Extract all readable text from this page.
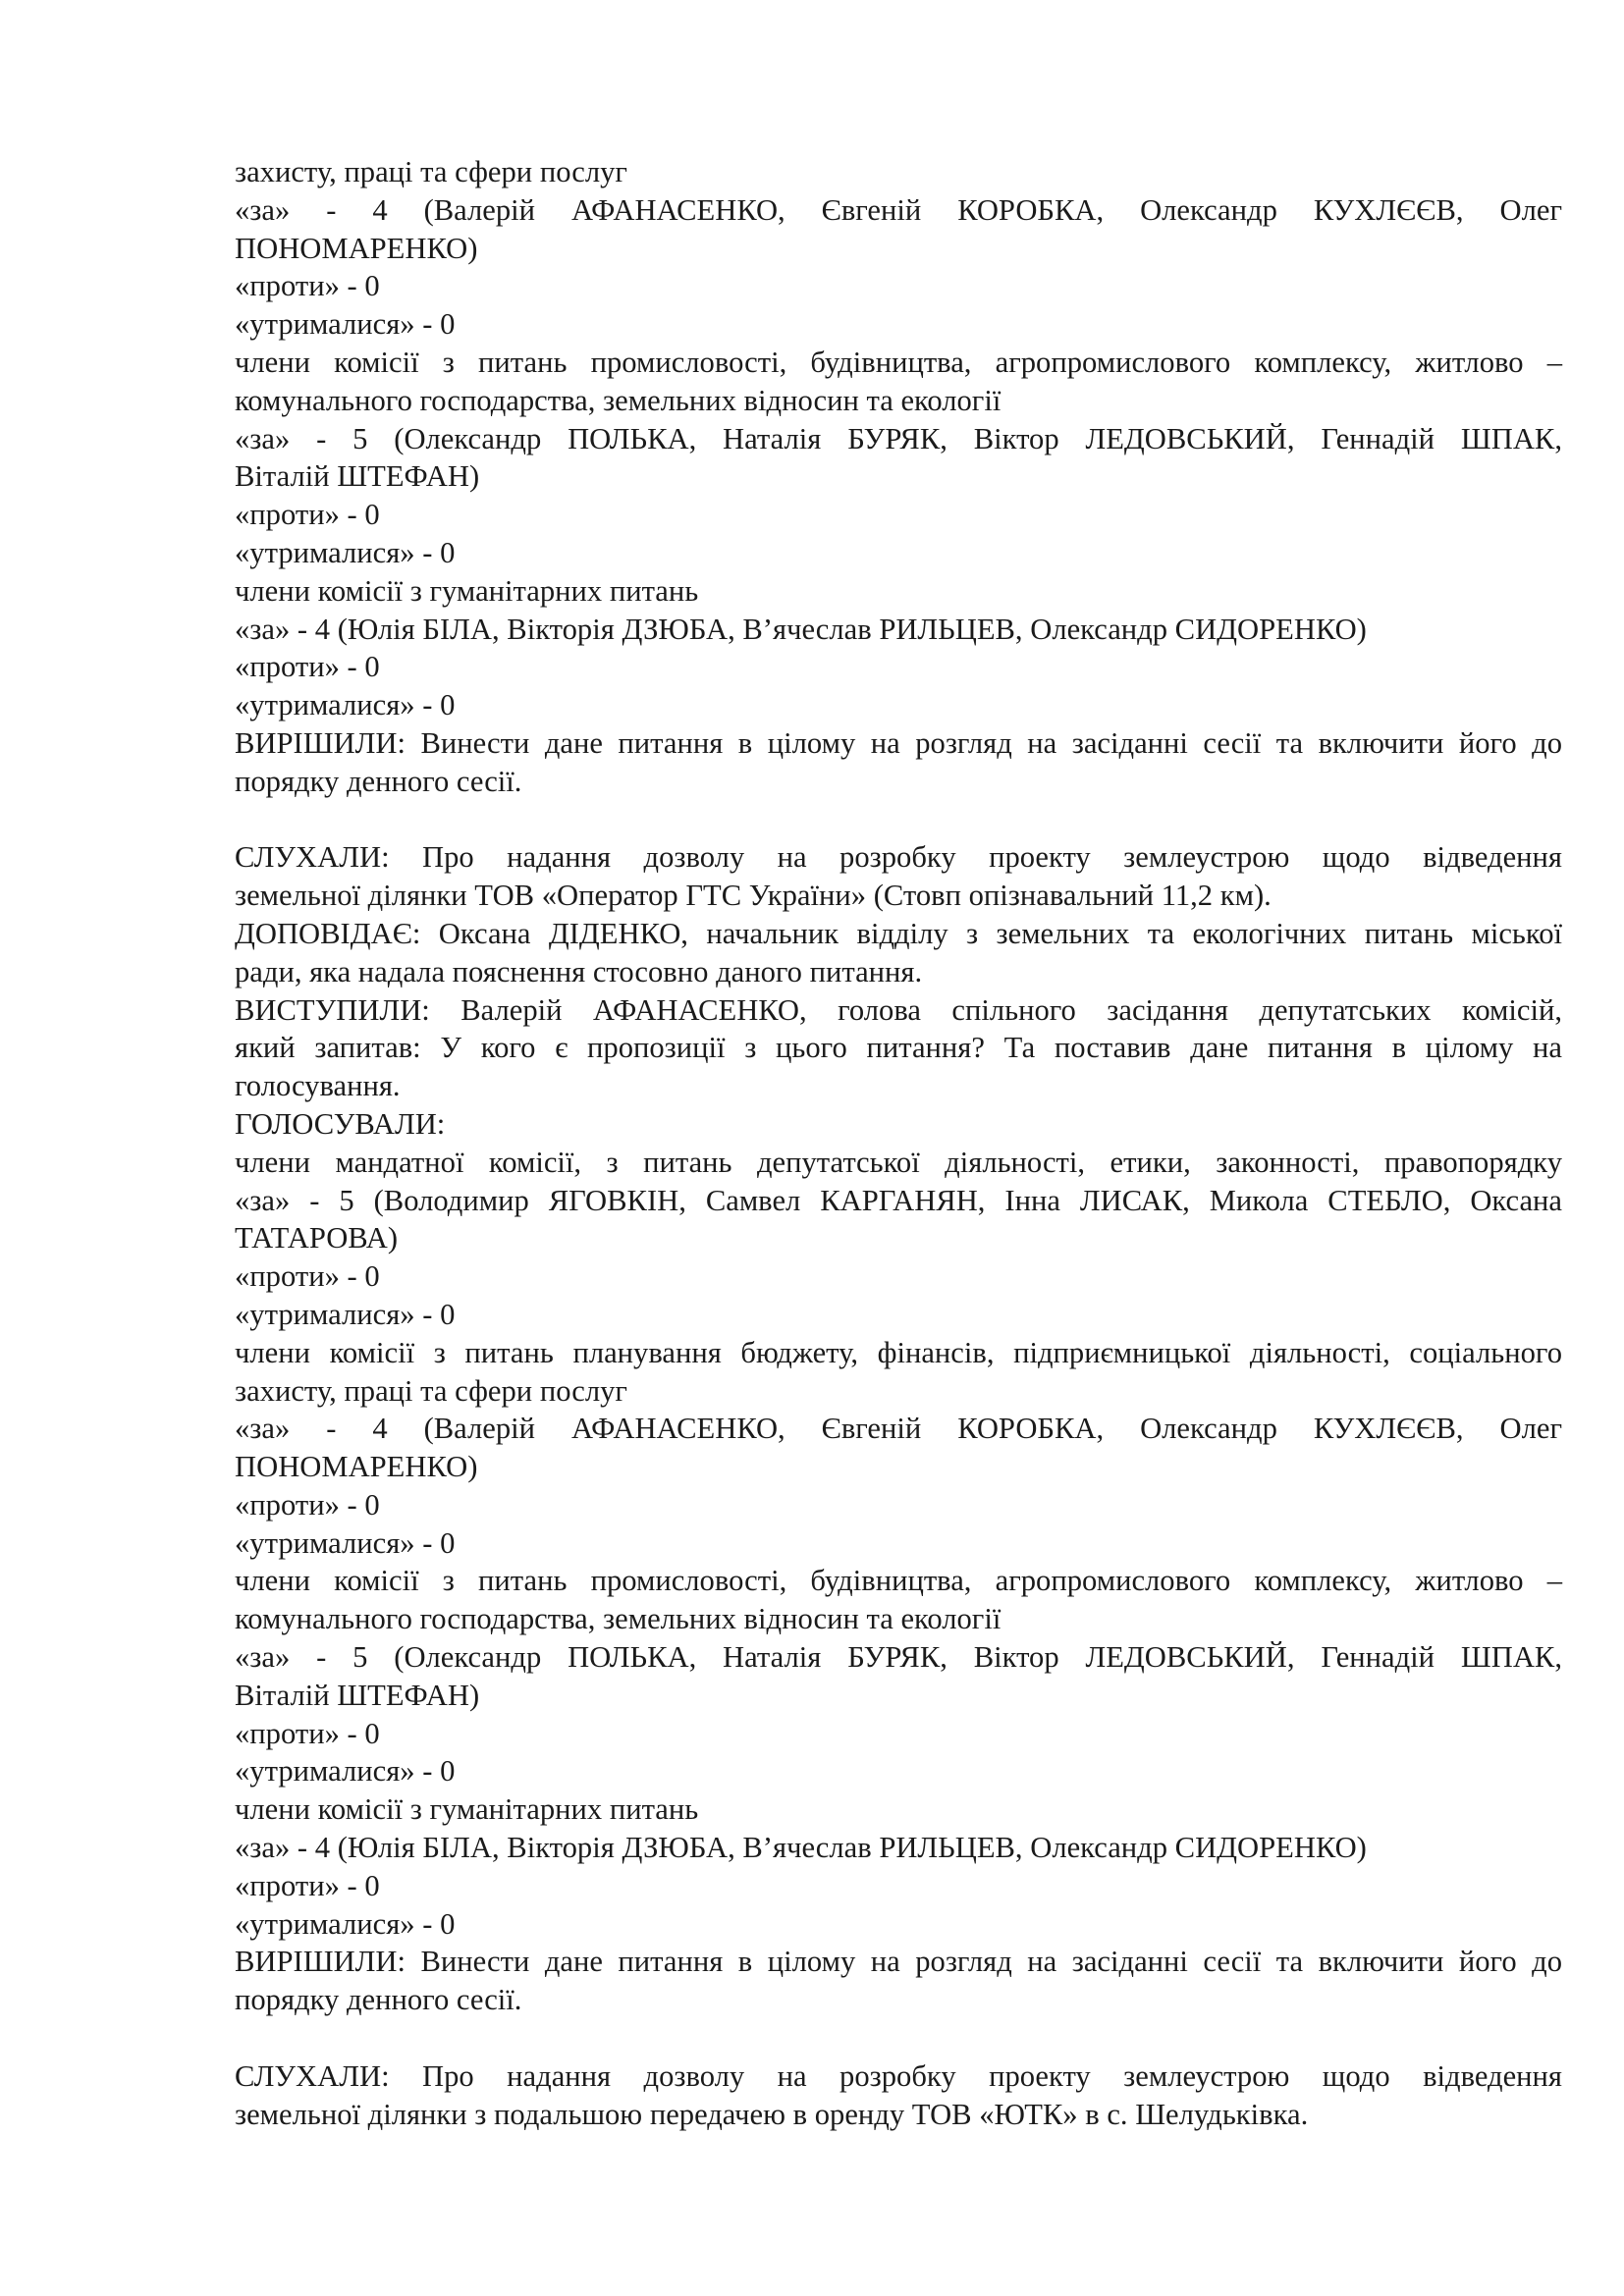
захисту, праці та сфери послуг
«за» - 4 (Валерій АФАНАСЕНКО, Євгеній КОРОБКА, Олександр КУХЛЄЄВ, Олег
ПОНОМАРЕНКО)
«проти» - 0
«утрималися» - 0
члени комісії з питань промисловості, будівництва, агропромислового комплексу, житлово –
комунального господарства, земельних відносин та екології
«за» - 5 (Олександр ПОЛЬКА, Наталія БУРЯК, Віктор ЛЕДОВСЬКИЙ, Геннадій ШПАК,
Віталій ШТЕФАН)
«проти» - 0
«утрималися» - 0
члени комісії з гуманітарних питань
«за» - 4 (Юлія БІЛА, Вікторія ДЗЮБА, В’ячеслав РИЛЬЦЕВ, Олександр СИДОРЕНКО)
«проти» - 0
«утрималися» - 0
ВИРІШИЛИ: Винести дане питання в цілому на розгляд на засіданні сесії та включити його до
порядку денного сесії.
СЛУХАЛИ: Про надання дозволу на розробку проекту землеустрою щодо відведення
земельної ділянки ТОВ «Оператор ГТС України» (Стовп опізнавальний 11,2 км).
ДОПОВІДАЄ: Оксана ДІДЕНКО, начальник відділу з земельних та екологічних питань міської
ради, яка надала пояснення стосовно даного питання.
ВИСТУПИЛИ: Валерій АФАНАСЕНКО, голова спільного засідання депутатських комісій,
який запитав: У кого є пропозиції з цього питання? Та поставив дане питання в цілому на
голосування.
ГОЛОСУВАЛИ:
члени мандатної комісії, з питань депутатської діяльності, етики, законності, правопорядку
«за» - 5 (Володимир ЯГОВКІН, Самвел КАРГАНЯН, Інна ЛИСАК, Микола СТЕБЛО, Оксана
ТАТАРОВА)
«проти» - 0
«утрималися» - 0
члени комісії з питань планування бюджету, фінансів, підприємницької діяльності, соціального
захисту, праці та сфери послуг
«за» - 4 (Валерій АФАНАСЕНКО, Євгеній КОРОБКА, Олександр КУХЛЄЄВ, Олег
ПОНОМАРЕНКО)
«проти» - 0
«утрималися» - 0
члени комісії з питань промисловості, будівництва, агропромислового комплексу, житлово –
комунального господарства, земельних відносин та екології
«за» - 5 (Олександр ПОЛЬКА, Наталія БУРЯК, Віктор ЛЕДОВСЬКИЙ, Геннадій ШПАК,
Віталій ШТЕФАН)
«проти» - 0
«утрималися» - 0
члени комісії з гуманітарних питань
«за» - 4 (Юлія БІЛА, Вікторія ДЗЮБА, В’ячеслав РИЛЬЦЕВ, Олександр СИДОРЕНКО)
«проти» - 0
«утрималися» - 0
ВИРІШИЛИ: Винести дане питання в цілому на розгляд на засіданні сесії та включити його до
порядку денного сесії.
СЛУХАЛИ: Про надання дозволу на розробку проекту землеустрою щодо відведення
земельної ділянки з подальшою передачею в оренду ТОВ «ЮТК» в с. Шелудьківка.
